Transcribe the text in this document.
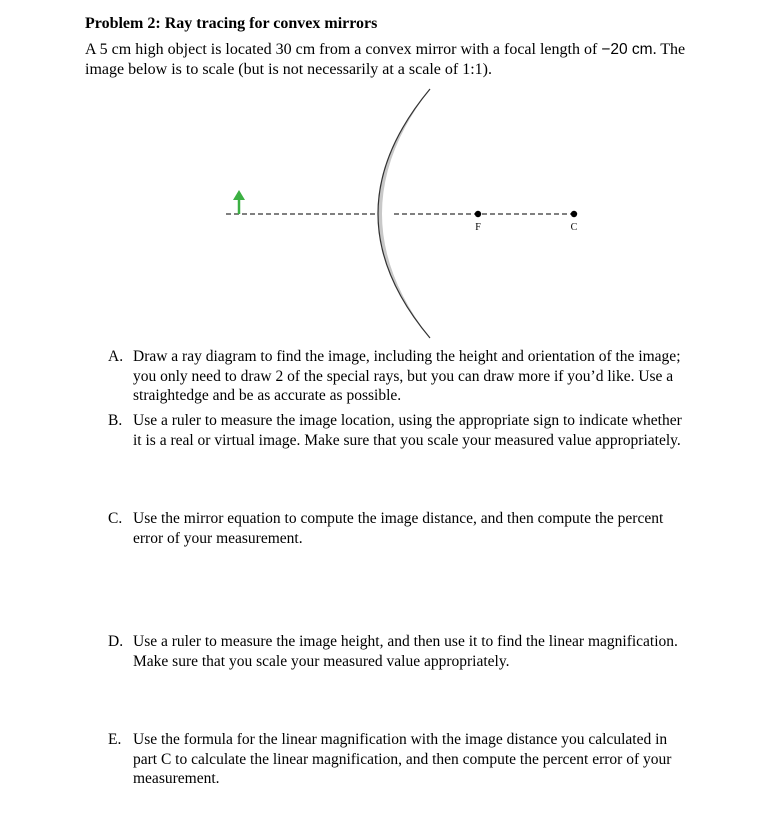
Problem 2: Ray tracing for convex mirrors
A 5 cm high object is located 30 cm from a convex mirror with a focal length of −20 cm. The
image below is to scale (but is not necessarily at a scale of 1:1).
F	C
A. Draw a ray diagram to find the image, including the height and orientation of the image;
you only need to draw 2 of the special rays, but you can draw more if you’d like. Use a
straightedge and be as accurate as possible.
B. Use a ruler to measure the image location, using the appropriate sign to indicate whether
it is a real or virtual image. Make sure that you scale your measured value appropriately.
C. Use the mirror equation to compute the image distance, and then compute the percent
error of your measurement.
D. Use a ruler to measure the image height, and then use it to find the linear magnification.
Make sure that you scale your measured value appropriately.
E. Use the formula for the linear magnification with the image distance you calculated in
part C to calculate the linear magnification, and then compute the percent error of your
measurement.
